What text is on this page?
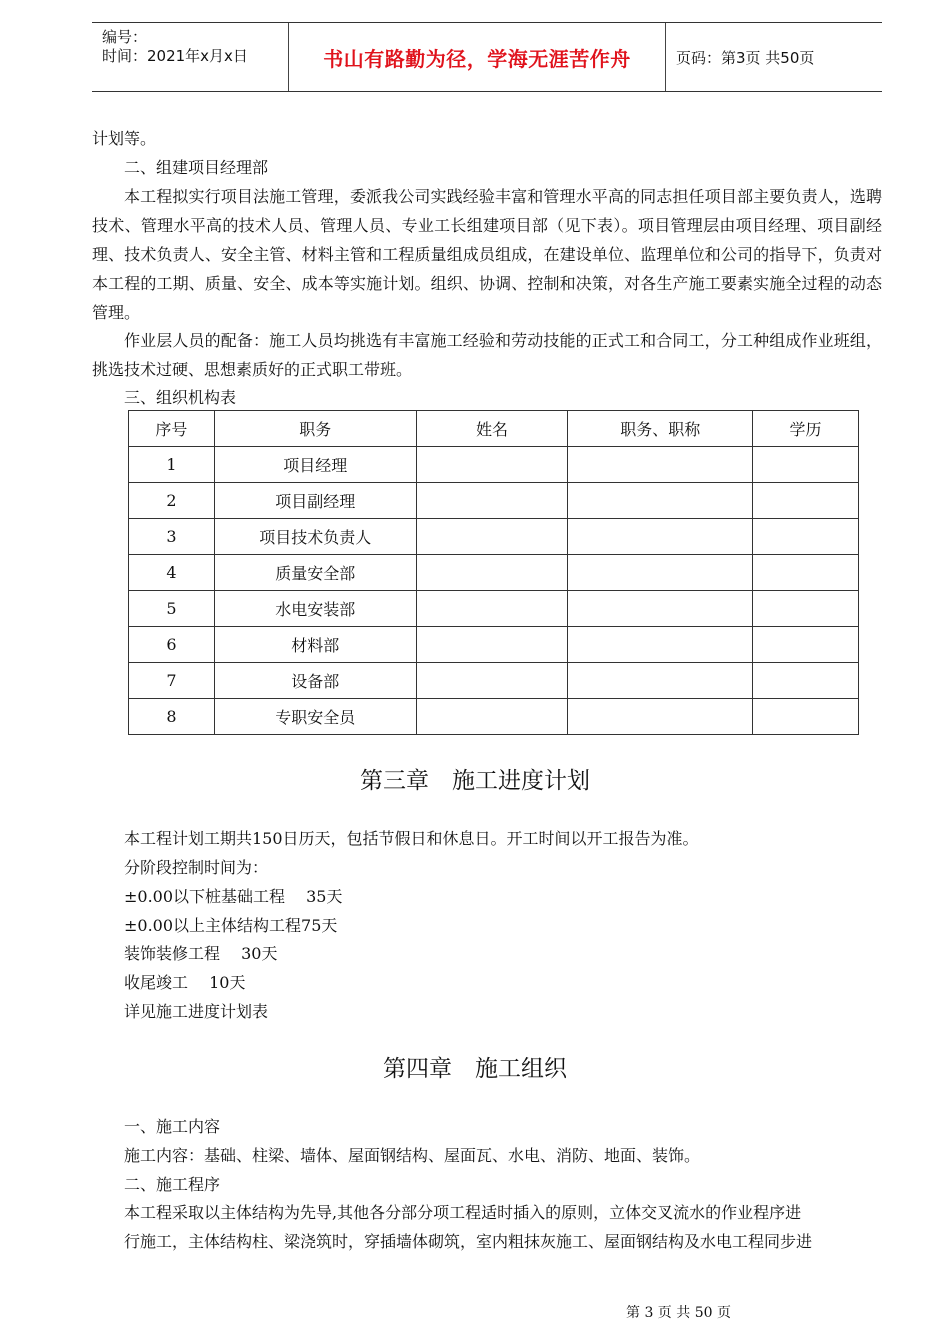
编号：
时间：2021年x月x日	书山有路勤为径，学海无涯苦作舟	页码：第3页 共50页
计划等。
二、组建项目经理部
本工程拟实行项目法施工管理，委派我公司实践经验丰富和管理水平高的同志担任项目部主要负责人，选聘技术、管理水平高的技术人员、管理人员、专业工长组建项目部（见下表）。项目管理层由项目经理、项目副经理、技术负责人、安全主管、材料主管和工程质量组成员组成，在建设单位、监理单位和公司的指导下，负责对本工程的工期、质量、安全、成本等实施计划。组织、协调、控制和决策，对各生产施工要素实施全过程的动态管理。
作业层人员的配备：施工人员均挑选有丰富施工经验和劳动技能的正式工和合同工，分工种组成作业班组，挑选技术过硬、思想素质好的正式职工带班。
三、组织机构表
序号	职务	姓名	职务、职称	学历
1	项目经理			
2	项目副经理			
3	项目技术负责人			
4	质量安全部			
5	水电安装部			
6	材料部			
7	设备部			
8	专职安全员			
第三章　施工进度计划
本工程计划工期共150日历天，包括节假日和休息日。开工时间以开工报告为准。
分阶段控制时间为：
±0.00以下桩基础工程　 35天
±0.00以上主体结构工程75天
装饰装修工程　 30天
收尾竣工　 10天
详见施工进度计划表
第四章　施工组织
一、施工内容
施工内容：基础、柱梁、墙体、屋面钢结构、屋面瓦、水电、消防、地面、装饰。
二、施工程序
本工程采取以主体结构为先导,其他各分部分项工程适时插入的原则，立体交叉流水的作业程序进
行施工，主体结构柱、梁浇筑时，穿插墙体砌筑，室内粗抹灰施工、屋面钢结构及水电工程同步进
第 3 页 共 50 页
